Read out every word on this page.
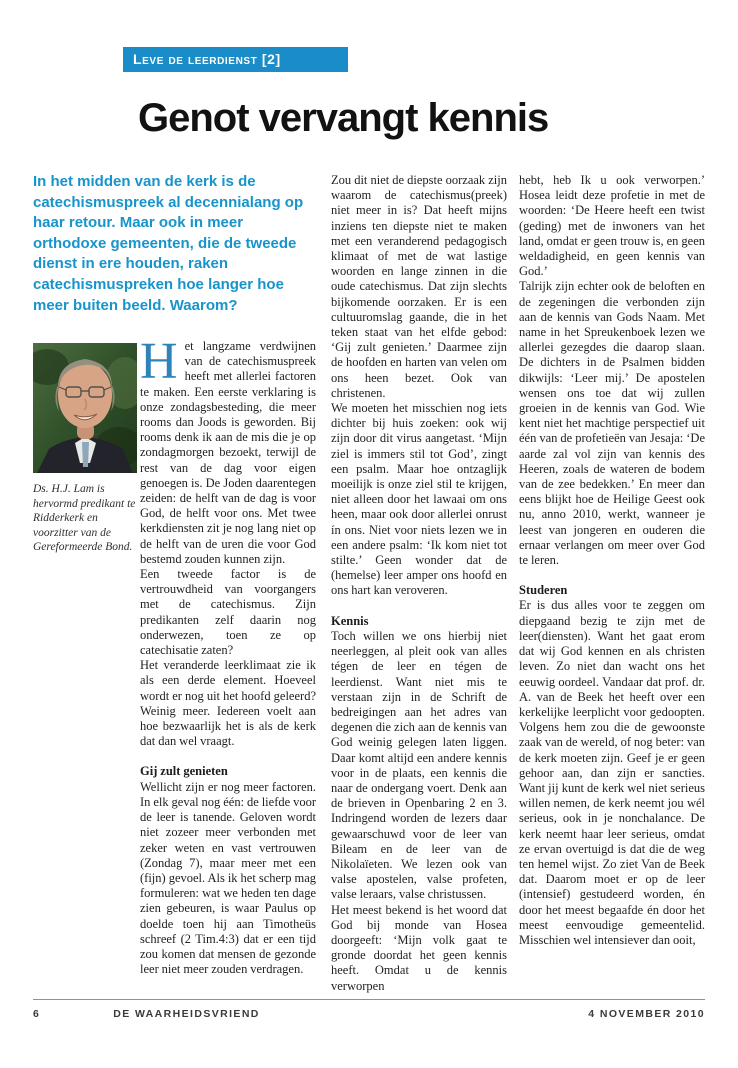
Leve de leerdienst [2]
Genot vervangt kennis
In het midden van de kerk is de catechismuspreek al decennialang op haar retour. Maar ook in meer orthodoxe gemeenten, die de tweede dienst in ere houden, raken catechismuspreken hoe langer hoe meer buiten beeld. Waarom?

Zou dit niet de diepste oorzaak zijn waarom de catechismus(preek) niet meer in is? Dat heeft mijns inziens ten diepste niet te maken met een veranderend pedagogisch klimaat of met de wat lastige woorden en lange zinnen in die oude catechismus. Dat zijn slechts bijkomende oorzaken. Er is een cultuuromslag gaande, die in het teken staat van het elfde gebod: ‘Gij zult genieten.’ Daarmee zijn de hoofden en harten van velen om ons heen bezet. Ook van christenen.

We moeten het misschien nog iets dichter bij huis zoeken: ook wij zijn door dit virus aangetast. ‘Mijn ziel is immers stil tot God’, zingt een psalm. Maar hoe ontzaglijk moeilijk is onze ziel stil te krijgen, niet alleen door het lawaai om ons heen, maar ook door allerlei onrust ín ons. Niet voor niets lezen we in een andere psalm: ‘Ik kom niet tot stilte.’ Geen wonder dat de (hemelse) leer amper ons hoofd en ons hart kan veroveren.

Kennis

Toch willen we ons hierbij niet neerleggen, al pleit ook van alles tégen de leer en tégen de leerdienst. Want niet mis te verstaan zijn in de Schrift de bedreigingen aan het adres van degenen die zich aan de kennis van God weinig gelegen laten liggen. Daar komt altijd een andere kennis voor in de plaats, een kennis die naar de ondergang voert. Denk aan de brieven in Openbaring 2 en 3. Indringend worden de lezers daar gewaarschuwd voor de leer van Bileam en de leer van de Nikolaïeten. We lezen ook van valse apostelen, valse profeten, valse leraars, valse christussen.

Het meest bekend is het woord dat God bij monde van Hosea doorgeeft: ‘Mijn volk gaat te gronde doordat het geen kennis heeft. Omdat u de kennis verworpen

hebt, heb Ik u ook verworpen.’ Hosea leidt deze profetie in met de woorden: ‘De Heere heeft een twist (geding) met de inwoners van het land, omdat er geen trouw is, en geen weldadigheid, en geen kennis van God.’

Talrijk zijn echter ook de beloften en de zegeningen die verbonden zijn aan de kennis van Gods Naam. Met name in het Spreukenboek lezen we allerlei gezegdes die daarop slaan. De dichters in de Psalmen bidden dikwijls: ‘Leer mij.’ De apostelen wensen ons toe dat wij zullen groeien in de kennis van God. Wie kent niet het machtige perspectief uit één van de profetieën van Jesaja: ‘De aarde zal vol zijn van kennis des Heeren, zoals de wateren de bodem van de zee bedekken.’ En meer dan eens blijkt hoe de Heilige Geest ook nu, anno 2010, werkt, wanneer je leest van jongeren en ouderen die ernaar verlangen om meer over God te leren.

Studeren

Er is dus alles voor te zeggen om diepgaand bezig te zijn met de leer(diensten). Want het gaat erom dat wij God kennen en als christen leven. Zo niet dan wacht ons het eeuwig oordeel. Vandaar dat prof. dr. A. van de Beek het heeft over een kerkelijke leerplicht voor gedoopten. Volgens hem zou die de gewoonste zaak van de wereld, of nog beter: van de kerk moeten zijn. Geef je er geen gehoor aan, dan zijn er sancties. Want jij kunt de kerk wel niet serieus willen nemen, de kerk neemt jou wél serieus, ook in je nonchalance. De kerk neemt haar leer serieus, omdat ze ervan overtuigd is dat die de weg ten hemel wijst. Zo ziet Van de Beek dat. Daarom moet er op de leer (intensief) gestudeerd worden, én door het meest begaafde én door het meest eenvoudige gemeentelid. Misschien wel intensiever dan ooit,

Ds. H.J. Lam is hervormd predikant te Ridderkerk en voorzitter van de Gereformeerde Bond.

Het langzame verdwijnen van de catechismuspreek heeft met allerlei factoren te maken. Een eerste verklaring is onze zondagsbesteding, die meer rooms dan Joods is geworden. Bij rooms denk ik aan de mis die je op zondagmorgen bezoekt, terwijl de rest van de dag voor eigen genoegen is. De Joden daarentegen zeiden: de helft van de dag is voor God, de helft voor ons. Met twee kerkdiensten zit je nog lang niet op de helft van de uren die voor God bestemd zouden kunnen zijn.

Een tweede factor is de vertrouwdheid van voorgangers met de catechismus. Zijn predikanten zelf daarin nog onderwezen, toen ze op catechisatie zaten?

Het veranderde leerklimaat zie ik als een derde element. Hoeveel wordt er nog uit het hoofd geleerd? Weinig meer. Iedereen voelt aan hoe bezwaarlijk het is als de kerk dat dan wel vraagt.

Gij zult genieten

Wellicht zijn er nog meer factoren. In elk geval nog één: de liefde voor de leer is tanende. Geloven wordt niet zozeer meer verbonden met zeker weten en vast vertrouwen (Zondag 7), maar meer met een (fijn) gevoel. Als ik het scherp mag formuleren: wat we heden ten dage zien gebeuren, is waar Paulus op doelde toen hij aan Timotheüs schreef (2 Tim.4:3) dat er een tijd zou komen dat mensen de gezonde leer niet meer zouden verdragen.

6	DE WAARHEIDSVRIEND	4 NOVEMBER 2010
